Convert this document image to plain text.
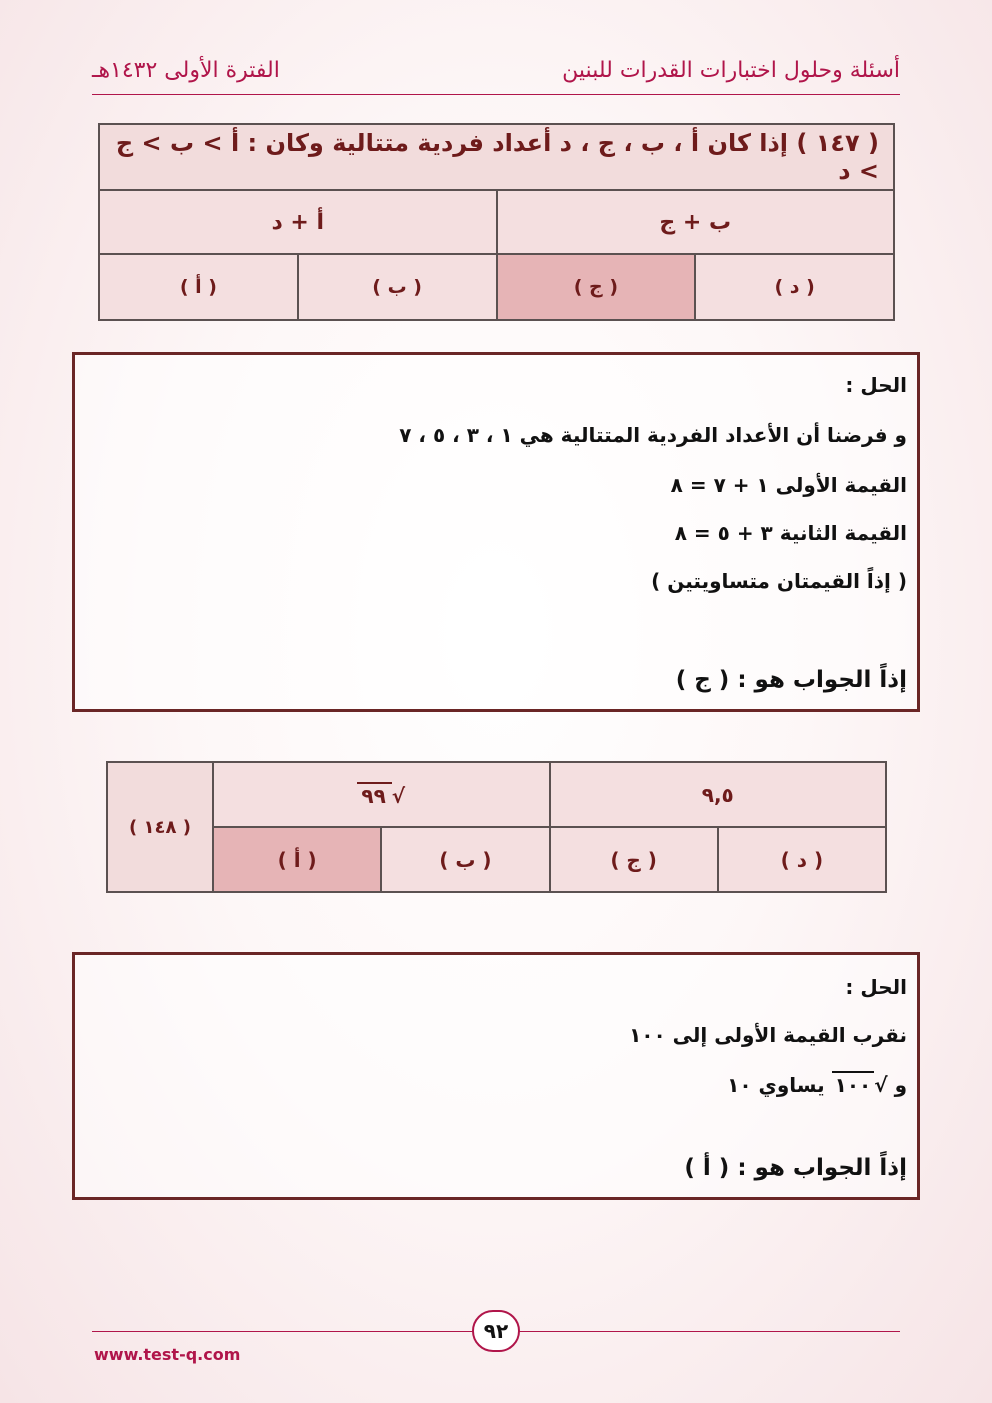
أسئلة وحلول اختبارات القدرات للبنين
الفترة الأولى ١٤٣٢هـ
( ١٤٧ ) إذا كان أ ، ب ، ج ، د أعداد فردية متتالية وكان : أ > ب > ج > د			
أ + د		ب + ج	
( أ )	( ب )	( ج )	( د )
الحل :
و فرضنا أن الأعداد الفردية المتتالية هي ١ ، ٣ ، ٥ ، ٧
القيمة الأولى ١ + ٧ = ٨
القيمة الثانية ٣ + ٥ = ٨
( إذاً القيمتان متساويتين )
إذاً الجواب هو : ( ج )
( ١٤٨ )	√٩٩		٩,٥	
	( أ )	( ب )	( ج )	( د )
الحل :
نقرب القيمة الأولى إلى ١٠٠
و √١٠٠ يساوي ١٠
إذاً الجواب هو : ( أ )
٩٢
www.test-q.com
